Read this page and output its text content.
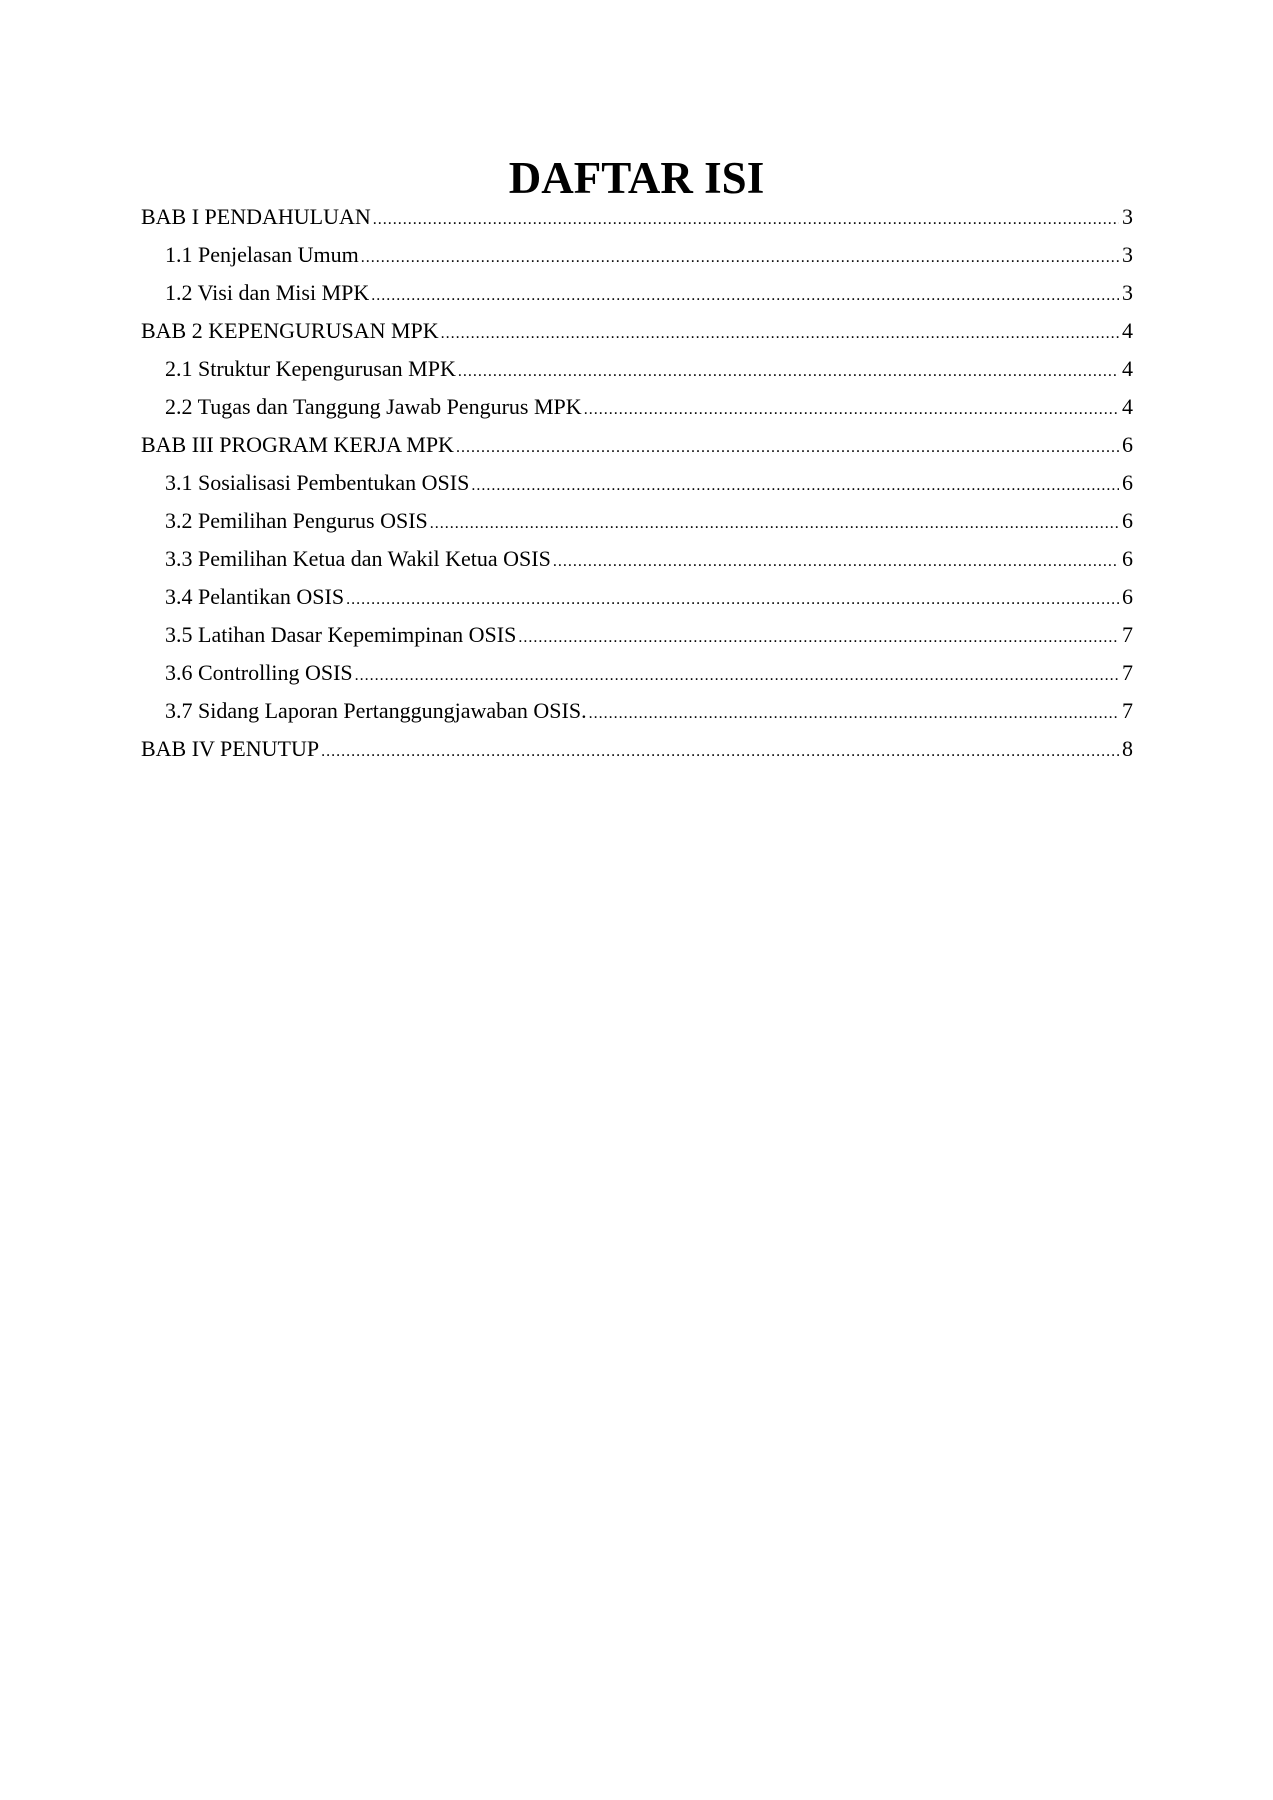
DAFTAR ISI
BAB I PENDAHULUAN .....	3
1.1 Penjelasan Umum .....	3
1.2 Visi dan Misi MPK .....	3
BAB 2 KEPENGURUSAN MPK .....	4
2.1 Struktur Kepengurusan MPK .....	4
2.2 Tugas dan Tanggung Jawab Pengurus MPK .....	4
BAB III PROGRAM KERJA MPK .....	6
3.1 Sosialisasi Pembentukan OSIS .....	6
3.2 Pemilihan Pengurus OSIS .....	6
3.3 Pemilihan Ketua dan Wakil Ketua OSIS .....	6
3.4 Pelantikan OSIS .....	6
3.5 Latihan Dasar Kepemimpinan OSIS .....	7
3.6 Controlling OSIS .....	7
3.7 Sidang Laporan Pertanggungjawaban OSIS. .....	7
BAB IV PENUTUP .....	8
